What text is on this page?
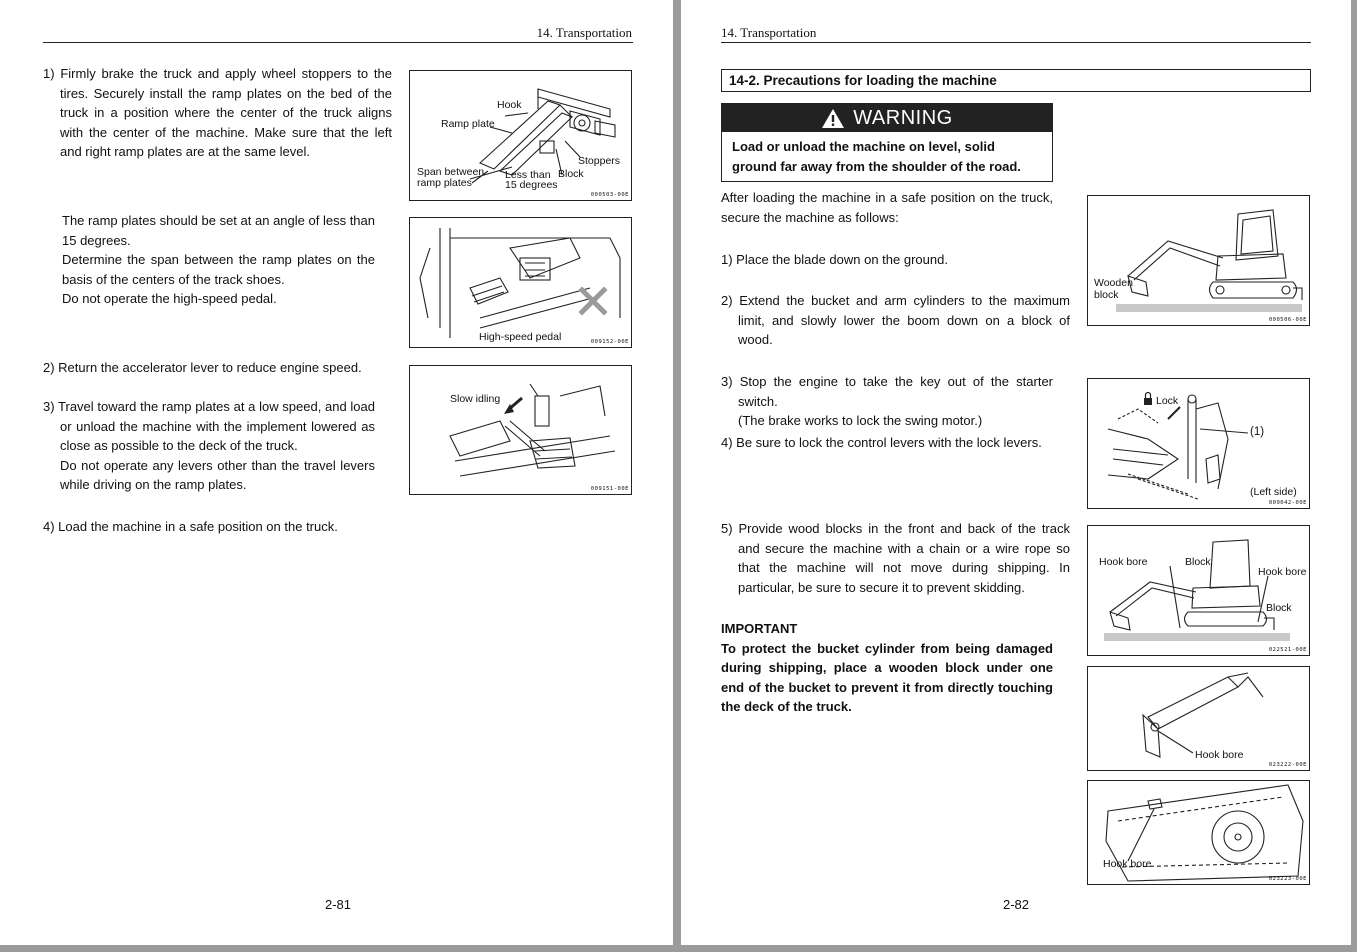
14. Transportation
1) Firmly brake the truck and apply wheel stoppers to the tires. Securely install the ramp plates on the bed of the truck in a position where the center of the truck aligns with the center of the machine. Make sure that the left and right ramp plates are at the same level.
The ramp plates should be set at an angle of less than 15 degrees.
Determine the span between the ramp plates on the basis of the centers of the track shoes.
Do not operate the high-speed pedal.
2) Return the accelerator lever to reduce engine speed.
3) Travel toward the ramp plates at a low speed, and load or unload the machine with the implement lowered as close as possible to the deck of the truck.
Do not operate any levers other than the travel levers while driving on the ramp plates.
4) Load the machine in a safe position on the truck.
Hook
Ramp plate
Span between
ramp plates
Less than
15 degrees
Block
Stoppers
000503-00E
High-speed pedal	009152-00E
Slow idling
009151-00E
2-81
14. Transportation
14-2. Precautions for loading the machine
WARNING
Load or unload the machine on level, solid ground far away from the shoulder of the road.
After loading the machine in a safe position on the truck, secure the machine as follows:
1) Place the blade down on the ground.
2) Extend the bucket and arm cylinders to the maximum limit, and slowly lower the boom down on a block of wood.
3) Stop the engine to take the key out of the starter switch.
(The brake works to lock the swing motor.)
4) Be sure to lock the control levers with the lock levers.
5) Provide wood blocks in the front and back of the track and secure the machine with a chain or a wire rope so that the machine will not move during shipping. In particular, be sure to secure it to prevent skidding.
IMPORTANT
To protect the bucket cylinder from being damaged during shipping, place a wooden block under one end of the bucket to prevent it from directly touching the deck of the truck.
Wooden
block
000506-00E
Lock
(1)
(Left side)
009042-00E
Hook bore	Block
Hook bore
Block
022521-00E
Hook bore
023222-00E
Hook bore
023223-00E
2-82
